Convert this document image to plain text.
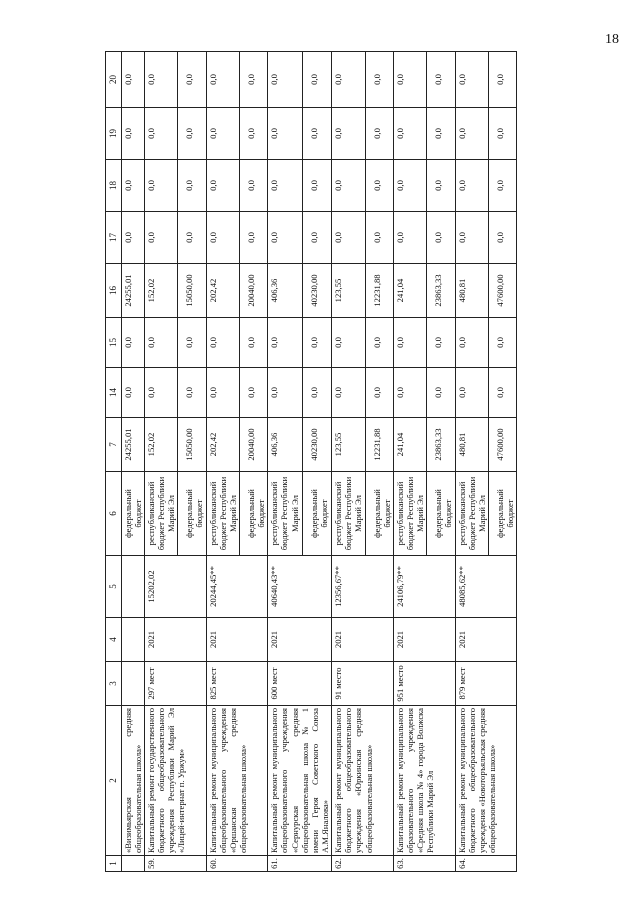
18
1	2	3	4	5	6	7	14	15	16	17	18	19	20
	«Визимьярская средняя общеобразовательная школа»				федеральный бюджет	24255,01	0,0	0,0	24255,01	0,0	0,0	0,0	0,0
59.	Капитальный ремонт государственного бюджетного общеобразовательного учреждения Республики Марий Эл «Лицей-интернат п. Уржум»	297 мест	2021	15202,02	республиканский бюджет Республики Марий Эл	152,02	0,0	0,0	152,02	0,0	0,0	0,0	0,0
					федеральный бюджет	15050,00	0,0	0,0	15050,00	0,0	0,0	0,0	0,0
60.	Капитальный ремонт муниципального общеобразовательного учреждения «Оршанская средняя общеобразовательная школа»	825 мест	2021	20244,45**	республиканский бюджет Республики Марий Эл	202,42	0,0	0,0	202,42	0,0	0,0	0,0	0,0
					федеральный бюджет	20040,00	0,0	0,0	20040,00	0,0	0,0	0,0	0,0
61.	Капитальный ремонт муниципального общеобразовательного учреждения «Сернурская средняя общеобразовательная школа № 1 имени Героя Советского Союза А.М.Яналова»	600 мест	2021	40640,43**	республиканский бюджет Республики Марий Эл	406,36	0,0	0,0	406,36	0,0	0,0	0,0	0,0
					федеральный бюджет	40230,00	0,0	0,0	40230,00	0,0	0,0	0,0	0,0
62.	Капитальный ремонт муниципального бюджетного общеобразовательного учреждения «Юркинская средняя общеобразовательная школа»	91 место	2021	12356,67**	республиканский бюджет Республики Марий Эл	123,55	0,0	0,0	123,55	0,0	0,0	0,0	0,0
					федеральный бюджет	12231,88	0,0	0,0	12231,88	0,0	0,0	0,0	0,0
63.	Капитальный ремонт муниципального образовательного учреждения «Средняя школа № 4» города Волжска Республики Марий Эл	951 место	2021	24106,79**	республиканский бюджет Республики Марий Эл	241,04	0,0	0,0	241,04	0,0	0,0	0,0	0,0
					федеральный бюджет	23863,33	0,0	0,0	23863,33	0,0	0,0	0,0	0,0
64.	Капитальный ремонт муниципального бюджетного общеобразовательного учреждения «Новоторъяльская средняя общеобразовательная школа»	879 мест	2021	48085,62**	республиканский бюджет Республики Марий Эл	480,81	0,0	0,0	480,81	0,0	0,0	0,0	0,0
					федеральный бюджет	47600,00	0,0	0,0	47600,00	0,0	0,0	0,0	0,0
